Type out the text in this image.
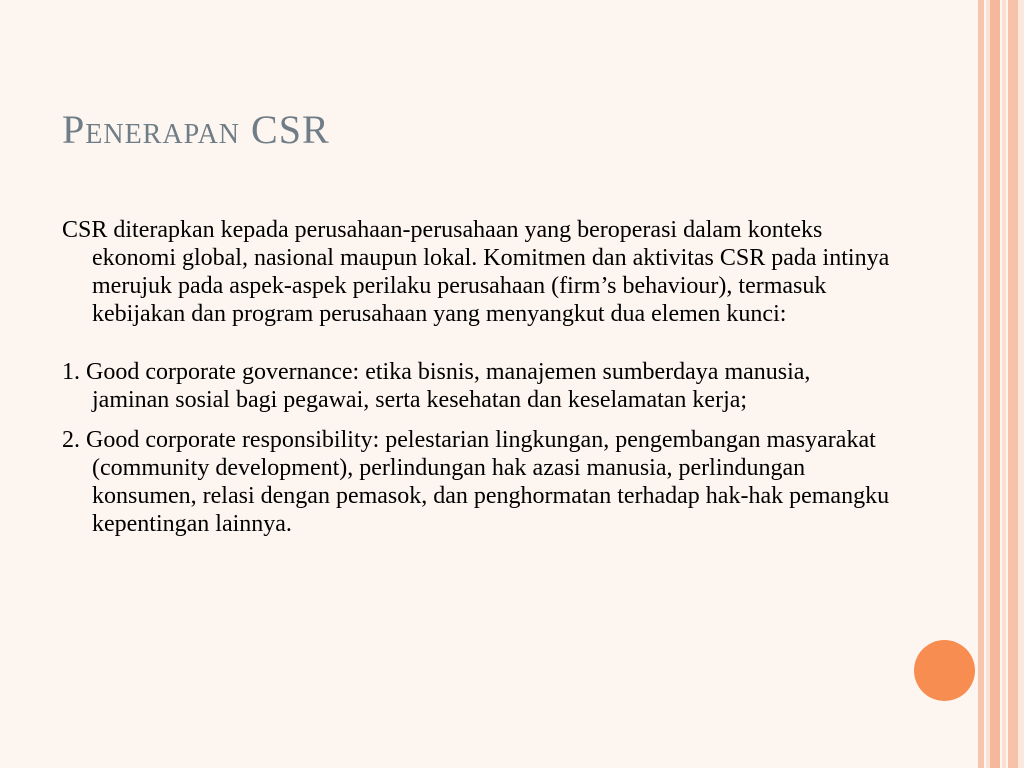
Penerapan CSR

CSR diterapkan kepada perusahaan-perusahaan yang beroperasi dalam konteks ekonomi global, nasional maupun lokal. Komitmen dan aktivitas CSR pada intinya merujuk pada aspek-aspek perilaku perusahaan (firm’s behaviour), termasuk kebijakan dan program perusahaan yang menyangkut dua elemen kunci:

1. Good corporate governance: etika bisnis, manajemen sumberdaya manusia, jaminan sosial bagi pegawai, serta kesehatan dan keselamatan kerja;
2. Good corporate responsibility: pelestarian lingkungan, pengembangan masyarakat (community development), perlindungan hak azasi manusia, perlindungan konsumen, relasi dengan pemasok, dan penghormatan terhadap hak-hak pemangku kepentingan lainnya.
